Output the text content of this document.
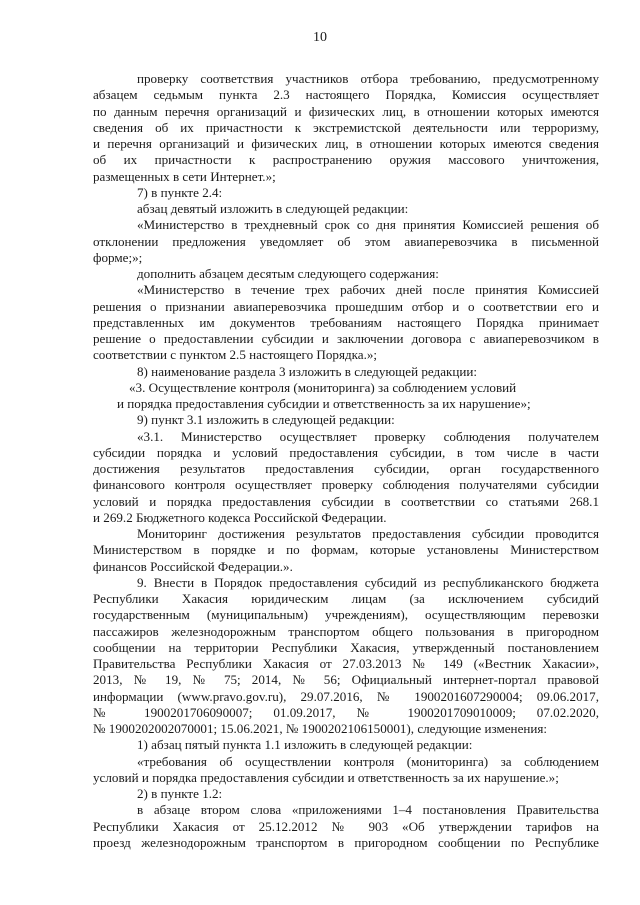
10

проверку соответствия участников отбора требованию, предусмотренному

абзацем седьмым пункта 2.3 настоящего Порядка, Комиссия осуществляет

по данным перечня организаций и физических лиц, в отношении которых имеются

сведения об их причастности к экстремистской деятельности или терроризму,

и перечня организаций и физических лиц, в отношении которых имеются сведения

об их причастности к распространению оружия массового уничтожения,

размещенных в сети Интернет.»;

7) в пункте 2.4:

абзац девятый изложить в следующей редакции:

«Министерство в трехдневный срок со дня принятия Комиссией решения об

отклонении предложения уведомляет об этом авиаперевозчика в письменной

форме;»;

дополнить абзацем десятым следующего содержания:

«Министерство в течение трех рабочих дней после принятия Комиссией

решения о признании авиаперевозчика прошедшим отбор и о соответствии его и

представленных им документов требованиям настоящего Порядка принимает

решение о предоставлении субсидии и заключении договора с авиаперевозчиком в

соответствии с пунктом 2.5 настоящего Порядка.»;

8) наименование раздела 3 изложить в следующей редакции:

«3. Осуществление контроля (мониторинга) за соблюдением условий

и порядка предоставления субсидии и ответственность за их нарушение»;

9) пункт 3.1 изложить в следующей редакции:

«3.1. Министерство осуществляет проверку соблюдения получателем

субсидии порядка и условий предоставления субсидии, в том числе в части

достижения результатов предоставления субсидии, орган государственного

финансового контроля осуществляет проверку соблюдения получателями субсидии

условий и порядка предоставления субсидии в соответствии со статьями 268.1

и 269.2 Бюджетного кодекса Российской Федерации.

Мониторинг достижения результатов предоставления субсидии проводится

Министерством в порядке и по формам, которые установлены Министерством

финансов Российской Федерации.».

9. Внести в Порядок предоставления субсидий из республиканского бюджета

Республики Хакасия юридическим лицам (за исключением субсидий

государственным (муниципальным) учреждениям), осуществляющим перевозки

пассажиров железнодорожным транспортом общего пользования в пригородном

сообщении на территории Республики Хакасия, утвержденный постановлением

Правительства Республики Хакасия от 27.03.2013 № 149 («Вестник Хакасии»,

2013, № 19, № 75; 2014, № 56; Официальный интернет-портал правовой

информации (www.pravo.gov.ru), 29.07.2016, № 1900201607290004; 09.06.2017,

№ 1900201706090007; 01.09.2017, № 1900201709010009; 07.02.2020,

№ 1900202002070001; 15.06.2021, № 1900202106150001), следующие изменения:

1) абзац пятый пункта 1.1 изложить в следующей редакции:

«требования об осуществлении контроля (мониторинга) за соблюдением

условий и порядка предоставления субсидии и ответственность за их нарушение.»;

2) в пункте 1.2:

в абзаце втором слова «приложениями 1–4 постановления Правительства

Республики Хакасия от 25.12.2012 № 903 «Об утверждении тарифов на

проезд железнодорожным транспортом в пригородном сообщении по Республике
